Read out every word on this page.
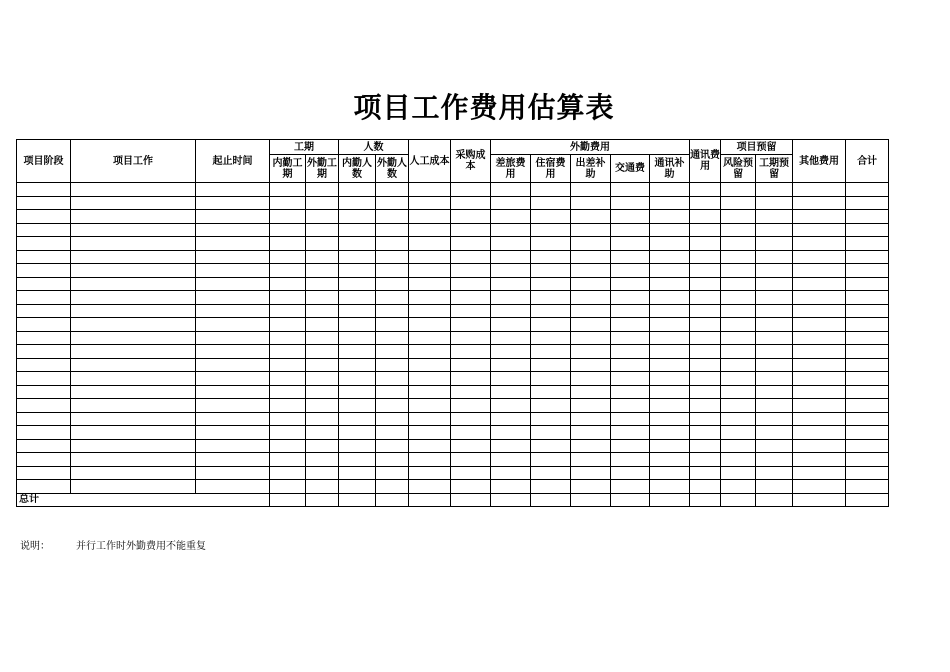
项目工作费用估算表
项目阶段	项目工作	起止时间	工期		人数		人工成本	采购成本	外勤费用					通讯费用	项目预留		其他费用	合计
			内勤工期	外勤工期	内勤人数	外勤人数			差旅费用	住宿费用	出差补助	交通费	通讯补助		风险预留	工期预留		

总计																		
说明：	并行工作时外勤费用不能重复
